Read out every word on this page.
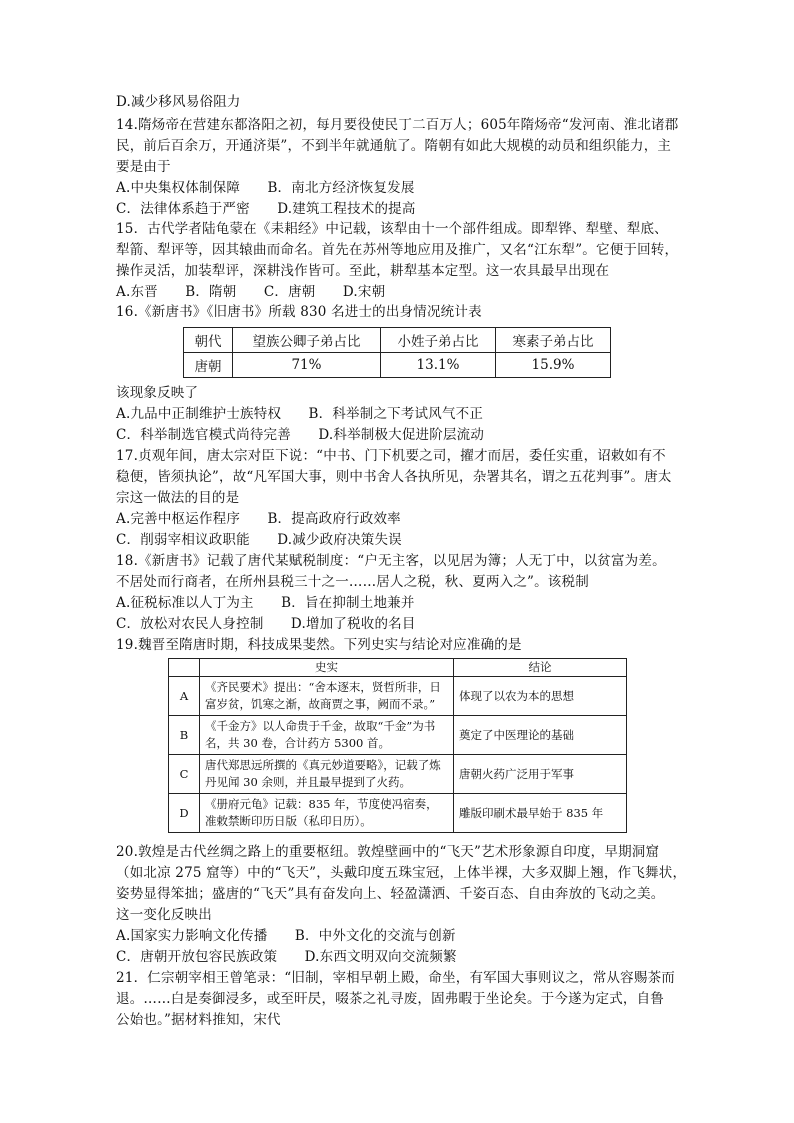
D.减少移风易俗阻力
14.隋炀帝在营建东都洛阳之初，每月要役使民丁二百万人；605年隋炀帝“发河南、淮北诸郡
民，前后百余万，开通济渠”，不到半年就通航了。隋朝有如此大规模的动员和组织能力，主
要是由于
A.中央集权体制保障　　B．南北方经济恢复发展
C．法律体系趋于严密　　D.建筑工程技术的提高
15．古代学者陆龟蒙在《耒耜经》中记载，该犁由十一个部件组成。即犁铧、犁壁、犁底、
犁箭、犁评等，因其辕曲而命名。首先在苏州等地应用及推广，又名“江东犁”。它便于回转，
操作灵活，加装犁评，深耕浅作皆可。至此，耕犁基本定型。这一农具最早出现在
A.东晋　　B．隋朝　　C．唐朝　　D.宋朝
16.《新唐书》《旧唐书》所载 830 名进士的出身情况统计表
朝代	望族公卿子弟占比	小姓子弟占比	寒素子弟占比
唐朝	71%	13.1%	15.9%
该现象反映了
A.九品中正制维护士族特权　　B．科举制之下考试风气不正
C．科举制选官模式尚待完善　　D.科举制极大促进阶层流动
17.贞观年间，唐太宗对臣下说：“中书、门下机要之司，擢才而居，委任实重，诏敕如有不
稳便，皆须执论”，故“凡军国大事，则中书舍人各执所见，杂署其名，谓之五花判事”。唐太
宗这一做法的目的是
A.完善中枢运作程序　　B．提高政府行政效率
C．削弱宰相议政职能　　D.减少政府决策失误
18.《新唐书》记载了唐代某赋税制度：“户无主客，以见居为簿；人无丁中，以贫富为差。
不居处而行商者，在所州县税三十之一……居人之税，秋、夏两入之”。该税制
A.征税标准以人丁为主　　B．旨在抑制土地兼并
C．放松对农民人身控制　　D.增加了税收的名目
19.魏晋至隋唐时期，科技成果斐然。下列史实与结论对应准确的是
	史实	结论
A	《齐民要术》提出：“舍本逐末，贤哲所非，日富岁贫，饥寒之渐，故商贾之事，阙而不录。”	体现了以农为本的思想
B	《千金方》以人命贵于千金，故取“千金”为书名，共 30 卷，合计药方 5300 首。	奠定了中医理论的基础
C	唐代郑思远所撰的《真元妙道要略》，记载了炼丹见闻 30 余则，并且最早提到了火药。	唐朝火药广泛用于军事
D	《册府元龟》记载：835 年，节度使冯宿奏，准敕禁断印历日版（私印日历）。	雕版印刷术最早始于 835 年
20.敦煌是古代丝绸之路上的重要枢纽。敦煌壁画中的“飞天”艺术形象源自印度，早期洞窟
（如北凉 275 窟等）中的“飞天”，头戴印度五珠宝冠，上体半裸，大多双脚上翘，作飞舞状，
姿势显得笨拙；盛唐的“飞天”具有奋发向上、轻盈潇洒、千姿百态、自由奔放的飞动之美。
这一变化反映出
A.国家实力影响文化传播　　B．中外文化的交流与创新
C．唐朝开放包容民族政策　　D.东西文明双向交流频繁
21．仁宗朝宰相王曾笔录：“旧制，宰相早朝上殿，命坐，有军国大事则议之，常从容赐茶而
退。……白是奏御浸多，或至旰昃，啜茶之礼寻废，固弗暇于坐论矣。于今遂为定式，自鲁
公始也。”据材料推知，宋代
